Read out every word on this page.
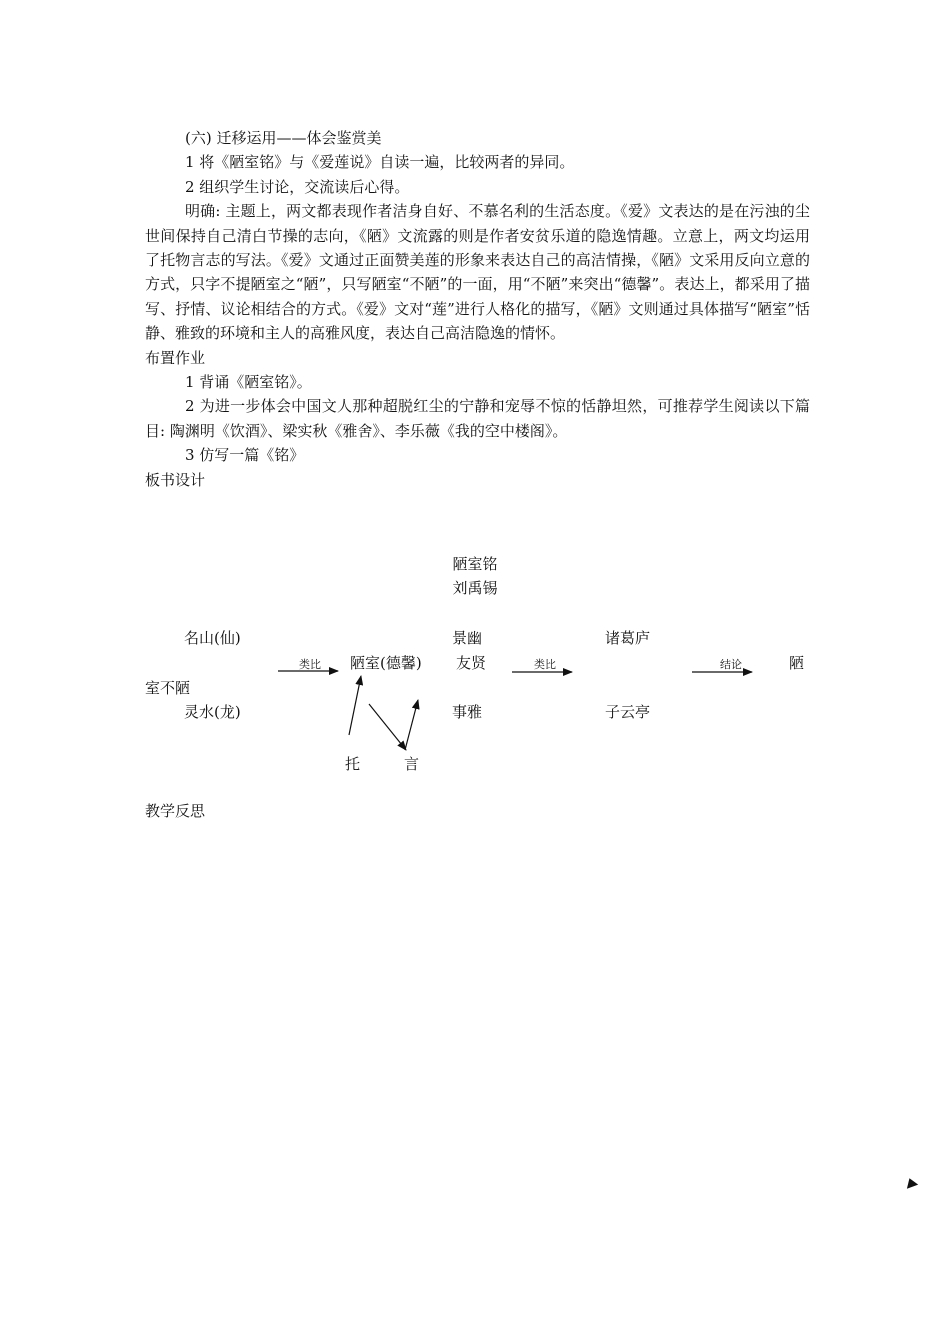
(六) 迁移运用——体会鉴赏美

1 将《陋室铭》与《爱莲说》自读一遍，比较两者的异同。

2 组织学生讨论，交流读后心得。

明确: 主题上，两文都表现作者洁身自好、不慕名利的生活态度。《爱》文表达的是在污浊的尘世间保持自己清白节操的志向，《陋》文流露的则是作者安贫乐道的隐逸情趣。立意上，两文均运用了托物言志的写法。《爱》文通过正面赞美莲的形象来表达自己的高洁情操，《陋》文采用反向立意的方式，只字不提陋室之“陋”，只写陋室“不陋”的一面，用“不陋”来突出“德馨”。表达上，都采用了描写、抒情、议论相结合的方式。《爱》文对“莲”进行人格化的描写，《陋》文则通过具体描写“陋室”恬静、雅致的环境和主人的高雅风度，表达自己高洁隐逸的情怀。

布置作业

1 背诵《陋室铭》。

2 为进一步体会中国文人那种超脱红尘的宁静和宠辱不惊的恬静坦然，可推荐学生阅读以下篇目: 陶渊明《饮酒》、梁实秋《雅舍》、李乐薇《我的空中楼阁》。

3 仿写一篇《铭》

板书设计

陋室铭
刘禹锡
名山(仙)
室不陋
灵水(龙)
类比 陋室(德馨)
景幽
友贤
事雅
类比
诸葛庐
子云亭
结论	陋
托	言
教学反思
